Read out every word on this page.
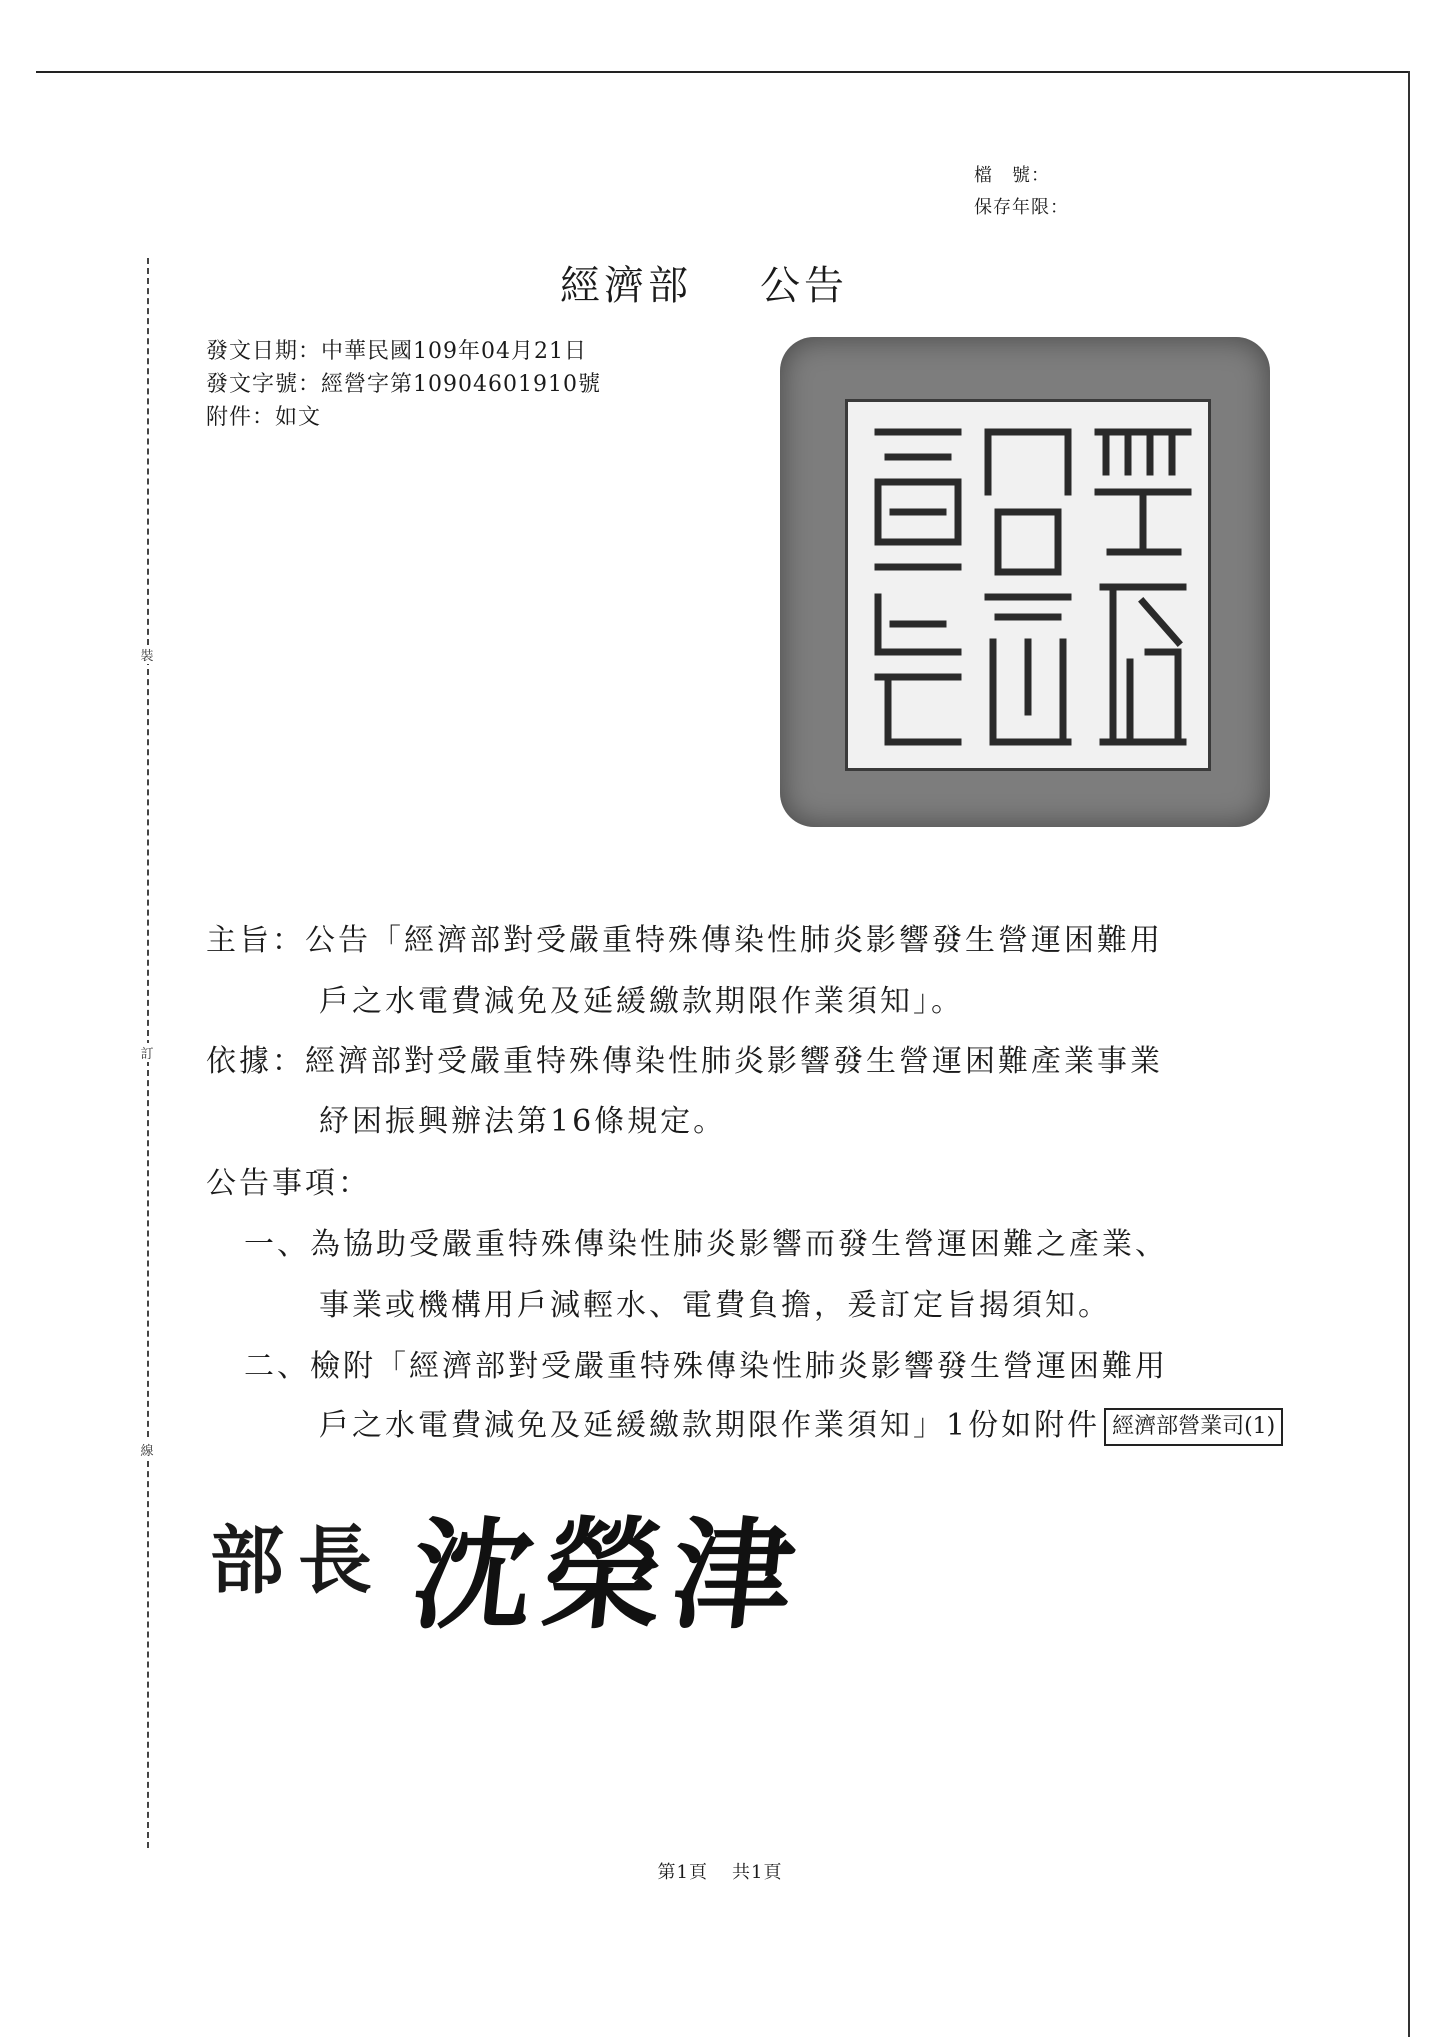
裝
訂
線
檔　號：
保存年限：
經濟部 公告
發文日期：中華民國109年04月21日
發文字號：經營字第10904601910號
附件：如文
主旨：公告「經濟部對受嚴重特殊傳染性肺炎影響發生營運困難用
戶之水電費減免及延緩繳款期限作業須知」。
依據：經濟部對受嚴重特殊傳染性肺炎影響發生營運困難產業事業
紓困振興辦法第16條規定。
公告事項：
一、為協助受嚴重特殊傳染性肺炎影響而發生營運困難之產業、
事業或機構用戶減輕水、電費負擔，爰訂定旨揭須知。
二、檢附「經濟部對受嚴重特殊傳染性肺炎影響發生營運困難用
戶之水電費減免及延緩繳款期限作業須知」1份如附件 經濟部營業司(1)
部長 沈榮津
第1頁 共1頁
